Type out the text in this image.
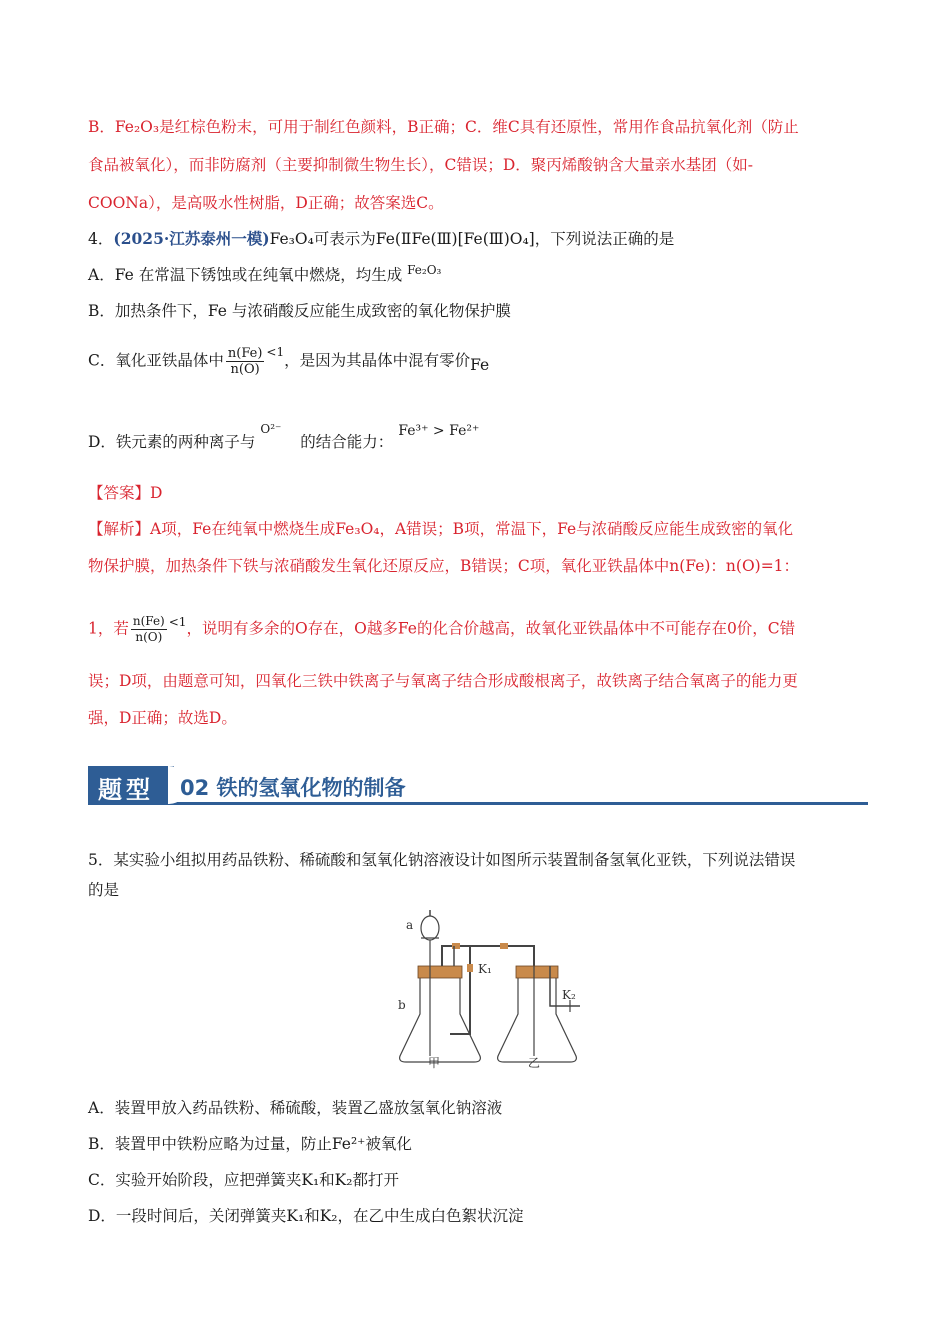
B．Fe₂O₃是红棕色粉末，可用于制红色颜料，B正确；C．维C具有还原性，常用作食品抗氧化剂（防止
食品被氧化），而非防腐剂（主要抑制微生物生长），C错误；D．聚丙烯酸钠含大量亲水基团（如-
COONa），是高吸水性树脂，D正确；故答案选C。
4．(2025·江苏泰州一模)Fe₃O₄可表示为Fe(ⅡFe(Ⅲ)[Fe(Ⅲ)O₄]，下列说法正确的是
A．Fe 在常温下锈蚀或在纯氧中燃烧，均生成 $^{Fe_2O_3}$
B．加热条件下，Fe 与浓硝酸反应能生成致密的氧化物保护膜
C．氧化亚铁晶体中 $\frac{n(Fe)}{n(O)} ^{<1}$，是因为其晶体中混有零价Fe
D．铁元素的两种离子与 $^{O^{2-}}$ 的结合能力： Fe³⁺ > Fe²⁺
【答案】D
【解析】A项，Fe在纯氧中燃烧生成Fe₃O₄，A错误；B项，常温下，Fe与浓硝酸反应能生成致密的氧化
物保护膜，加热条件下铁与浓硝酸发生氧化还原反应，B错误；C项，氧化亚铁晶体中n(Fe)：n(O)=1：
1，若 $\frac{n(Fe)}{n(O)} ^{<1}$，说明有多余的O存在，O越多Fe的化合价越高，故氧化亚铁晶体中不可能存在0价，C错
误；D项，由题意可知，四氧化三铁中铁离子与氧离子结合形成酸根离子，故铁离子结合氧离子的能力更
强，D正确；故选D。
题型 02 铁的氢氧化物的制备
5．某实验小组拟用药品铁粉、稀硫酸和氢氧化钠溶液设计如图所示装置制备氢氧化亚铁，下列说法错误
的是
a
b
K₁
K₂
甲	乙
A．装置甲放入药品铁粉、稀硫酸，装置乙盛放氢氧化钠溶液
B．装置甲中铁粉应略为过量，防止Fe²⁺被氧化
C．实验开始阶段，应把弹簧夹K₁和K₂都打开
D．一段时间后，关闭弹簧夹K₁和K₂，在乙中生成白色絮状沉淀
